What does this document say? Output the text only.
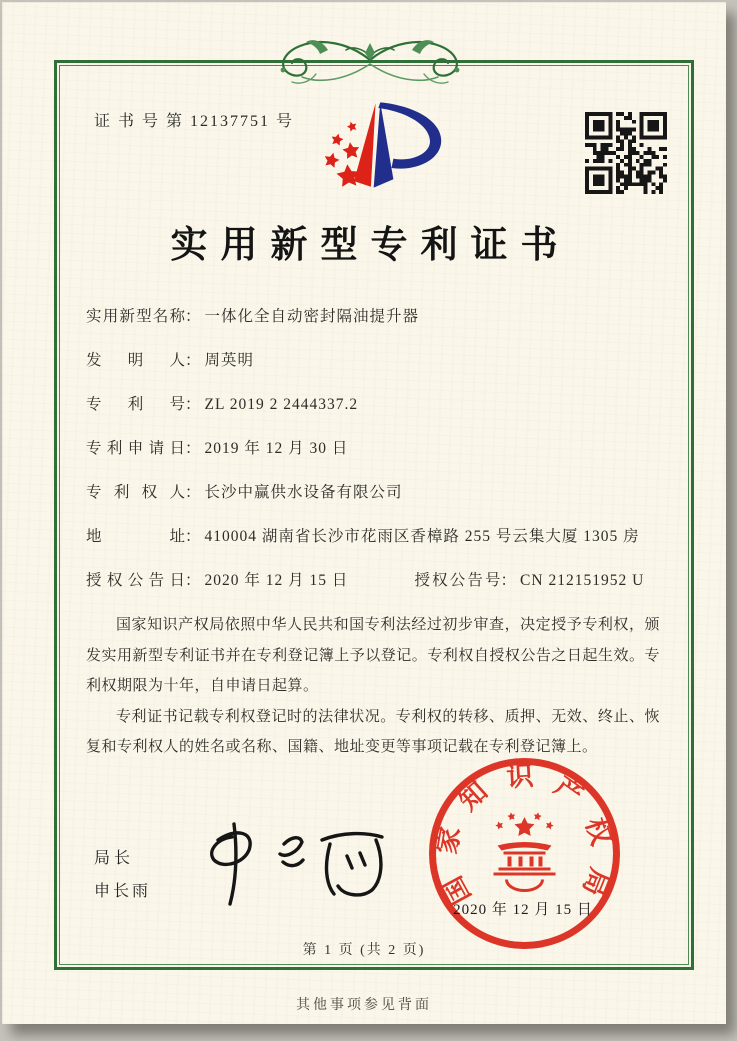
证 书 号 第 12137751 号
实用新型专利证书
实用新型名称： 一体化全自动密封隔油提升器
发明人： 周英明
专利号： ZL 2019 2 2444337.2
专利申请日： 2019 年 12 月 30 日
专利权人： 长沙中赢供水设备有限公司
地址： 410004 湖南省长沙市花雨区香樟路 255 号云集大厦 1305 房
授权公告日： 2020 年 12 月 15 日	授权公告号： CN 212151952 U

国家知识产权局依照中华人民共和国专利法经过初步审查，决定授予专利权，颁发实用新型专利证书并在专利登记簿上予以登记。专利权自授权公告之日起生效。专利权期限为十年，自申请日起算。

专利证书记载专利权登记时的法律状况。专利权的转移、质押、无效、终止、恢复和专利权人的姓名或名称、国籍、地址变更等事项记载在专利登记簿上。

局长
申长雨
2020 年 12 月 15 日
国家知识产权局
第 1 页 (共 2 页)
其他事项参见背面
